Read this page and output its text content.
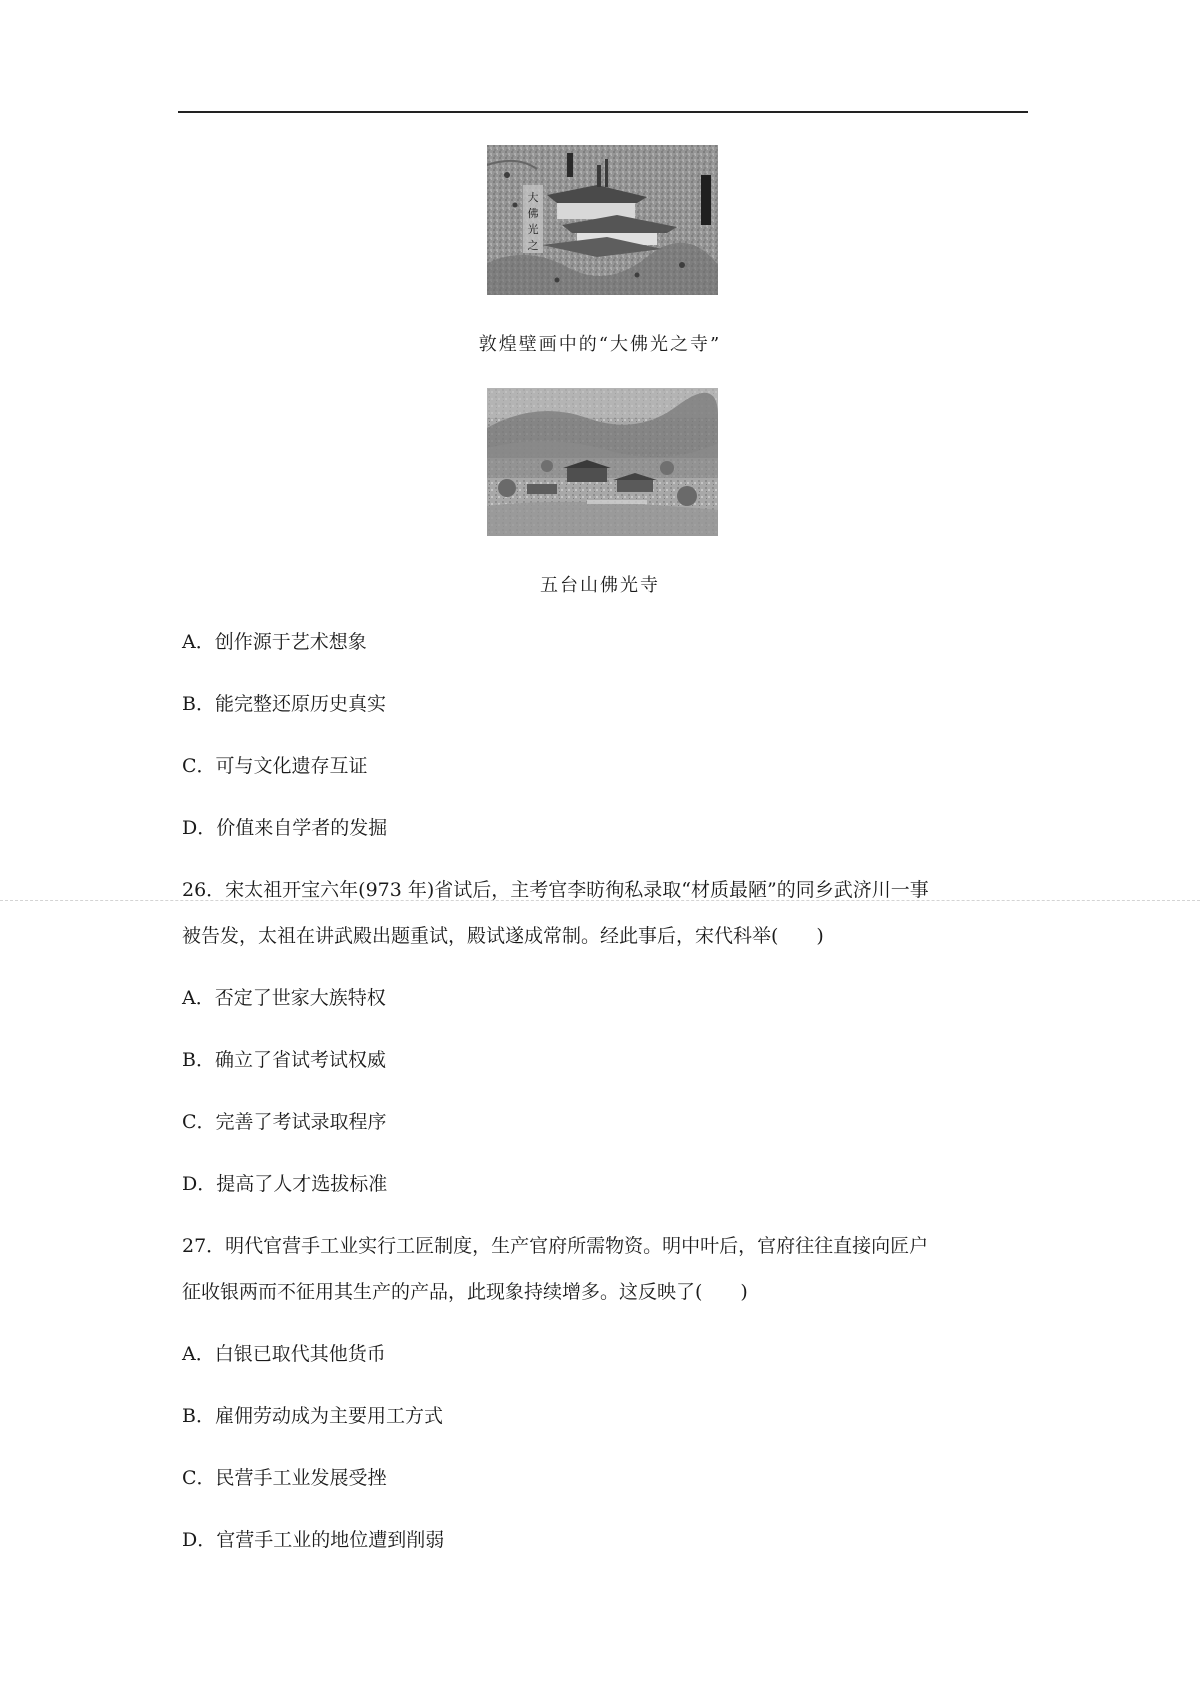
大
佛
光
之
敦煌壁画中的“大佛光之寺”
五台山佛光寺
A．创作源于艺术想象
B．能完整还原历史真实
C．可与文化遗存互证
D．价值来自学者的发掘
26．宋太祖开宝六年(973 年)省试后，主考官李昉徇私录取“材质最陋”的同乡武济川一事
被告发，太祖在讲武殿出题重试，殿试遂成常制。经此事后，宋代科举(　　)
A．否定了世家大族特权
B．确立了省试考试权威
C．完善了考试录取程序
D．提高了人才选拔标准
27．明代官营手工业实行工匠制度，生产官府所需物资。明中叶后，官府往往直接向匠户
征收银两而不征用其生产的产品，此现象持续增多。这反映了(　　)
A．白银已取代其他货币
B．雇佣劳动成为主要用工方式
C．民营手工业发展受挫
D．官营手工业的地位遭到削弱
